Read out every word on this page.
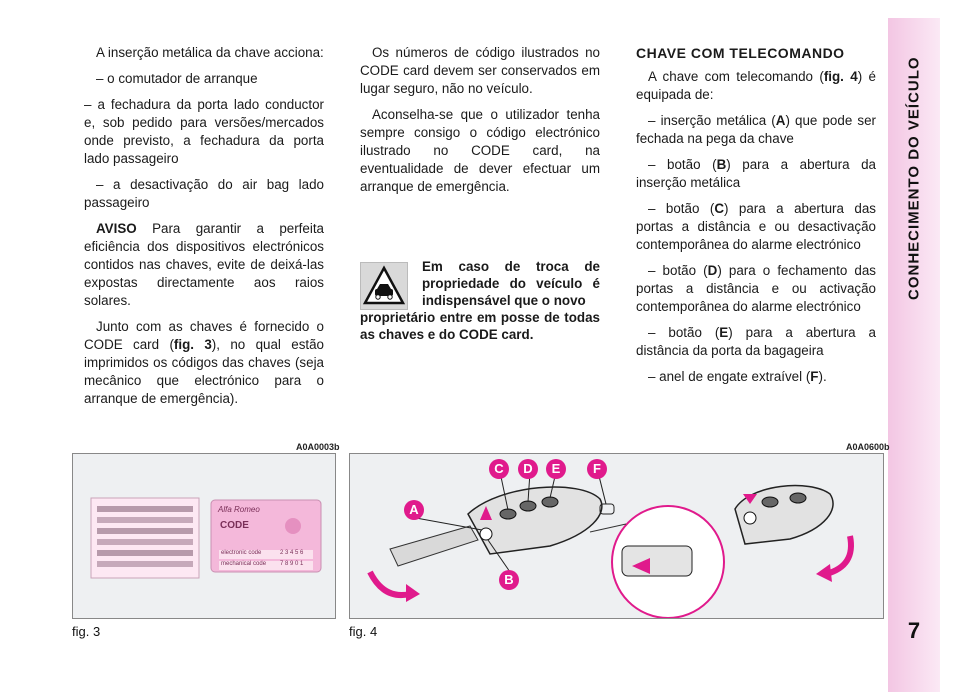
CONHECIMENTO DO VEÍCULO
7

A inserção metálica da chave acciona:

– o comutador de arranque

– a fechadura da porta lado conductor e, sob pedido para versões/mercados onde previsto, a fechadura da porta lado passageiro

– a desactivação do air bag lado passageiro

AVISO Para garantir a perfeita eficiência dos dispositivos electrónicos contidos nas chaves, evite de deixá-las expostas directamente aos raios solares.

Junto com as chaves é fornecido o CODE card (fig. 3), no qual estão imprimidos os códigos das chaves (seja mecânico que electrónico para o arranque de emergência).

Os números de código ilustrados no CODE card devem ser conservados em lugar seguro, não no veículo.

Aconselha-se que o utilizador tenha sempre consigo o código electrónico ilustrado no CODE card, na eventualidade de dever efectuar um arranque de emergência.

Em caso de troca de propriedade do veículo é indispensável que o novo

proprietário entre em posse de todas as chaves e do CODE card.

CHAVE COM TELECOMANDO

A chave com telecomando (fig. 4) é equipada de:

– inserção metálica (A) que pode ser fechada na pega da chave

– botão (B) para a abertura da inserção metálica

– botão (C) para a abertura das portas a distância e ou desactivação contemporânea do alarme electrónico

– botão (D) para o fechamento das portas a distância e ou activação contemporânea do alarme electrónico

– botão (E) para a abertura a distância da porta da bagageira

– anel de engate extraível (F).

A0A0003b
Alfa Romeo
CODE
electronic code	2 3 4 5 6
mechanical code 7 8 9 0 1
fig. 3
A0A0600b
A
B
C	D	E	F
fig. 4
